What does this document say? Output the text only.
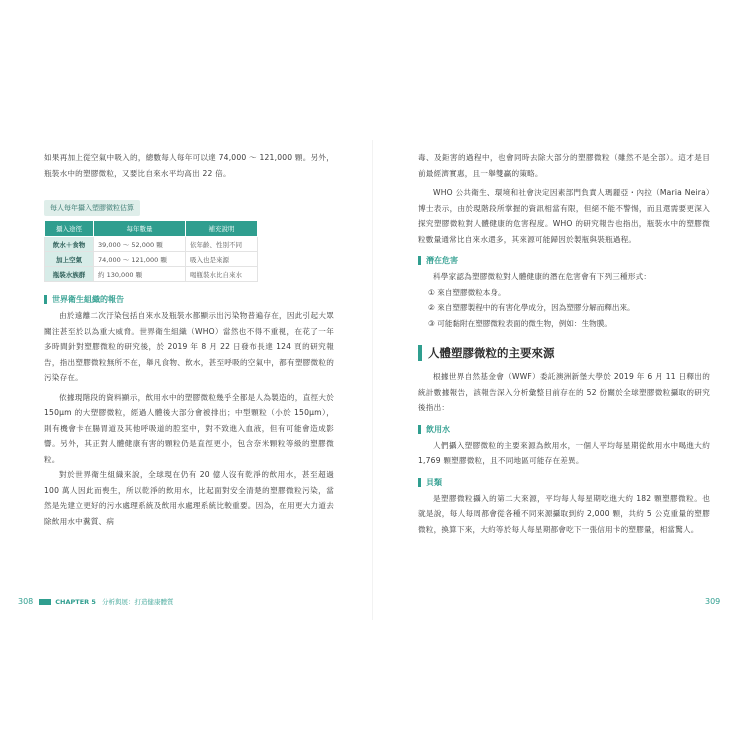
如果再加上從空氣中吸入的，總數每人每年可以達 74,000 ～ 121,000 顆。另外，瓶裝水中的塑膠微粒，又要比自來水平均高出 22 倍。

每人每年攝入塑膠微粒估算
攝入途徑	每年數量	補充說明
飲水＋食物	39,000 ～ 52,000 顆	依年齡、性別不同
加上空氣	74,000 ～ 121,000 顆	吸入也是來源
瓶裝水族群	約 130,000 顆	喝瓶裝水比自來水
世界衛生組織的報告

由於遠離二次汙染包括自來水及瓶裝水都顯示出污染物普遍存在，因此引起大眾關注甚至於以為重大威脅。世界衛生組織（WHO）當然也不得不重視，在花了一年多時間針對塑膠微粒的研究後，於 2019 年 8 月 22 日發布長達 124 頁的研究報告，指出塑膠微粒無所不在，舉凡食物、飲水，甚至呼吸的空氣中，都有塑膠微粒的污染存在。

依據現階段的資料顯示，飲用水中的塑膠微粒幾乎全都是人為製造的，直徑大於 150μm 的大塑膠微粒，經過人體後大部分會被排出；中型顆粒（小於 150μm），則有機會卡在腸胃道及其他呼吸道的腔室中，對不致進入血液，但有可能會造成影響。另外，其正對人體健康有害的顆粒仍是直徑更小，包含奈米顆粒等級的塑膠微粒。

對於世界衛生組織來說，全球現在仍有 20 億人沒有乾淨的飲用水，甚至超過 100 萬人因此而喪生，所以乾淨的飲用水，比起面對安全清楚的塑膠微粒污染，當然是先建立更好的污水處理系統及飲用水處理系統比較重要。因為，在用更大力道去除飲用水中糞質、病

毒、及鉅害的過程中，也會同時去除大部分的塑膠微粒（雖然不是全部）。這才是目前最經濟實惠，且一舉雙贏的策略。

WHO 公共衛生、環境和社會決定因素部門負責人瑪麗亞・內拉（Maria Neira）博士表示，由於現階段所掌握的資訊相當有限，但絕不能不警惕，而且還需要更深入探究塑膠微粒對人體健康的危害程度。WHO 的研究報告也指出，瓶裝水中的塑膠微粒數量通常比自來水還多，其來源可能歸因於製瓶與裝瓶過程。

潛在危害

科學家認為塑膠微粒對人體健康的潛在危害會有下列三種形式：

① 來自塑膠微粒本身。
② 來自塑膠製程中的有害化學成分，因為塑膠分解而釋出來。
③ 可能黏附在塑膠微粒表面的微生物，例如：生物膜。
人體塑膠微粒的主要來源

根據世界自然基金會（WWF）委託澳洲新堡大學於 2019 年 6 月 11 日釋出的統計數據報告，該報告深入分析彙整目前存在的 52 份關於全球塑膠微粒攝取的研究後指出：

飲用水

人們攝入塑膠微粒的主要來源為飲用水，一個人平均每星期從飲用水中喝進大約 1,769 顆塑膠微粒，且不同地區可能存在差異。

貝類

是塑膠微粒攝入的第二大來源，平均每人每星期吃進大約 182 顆塑膠微粒。也就是說，每人每周都會從各種不同來源攝取到約 2,000 顆，共約 5 公克重量的塑膠微粒，換算下來，大約等於每人每星期都會吃下一張信用卡的塑膠量，相當驚人。

308	CHAPTER 5 分析與展：打造健康體質	309
